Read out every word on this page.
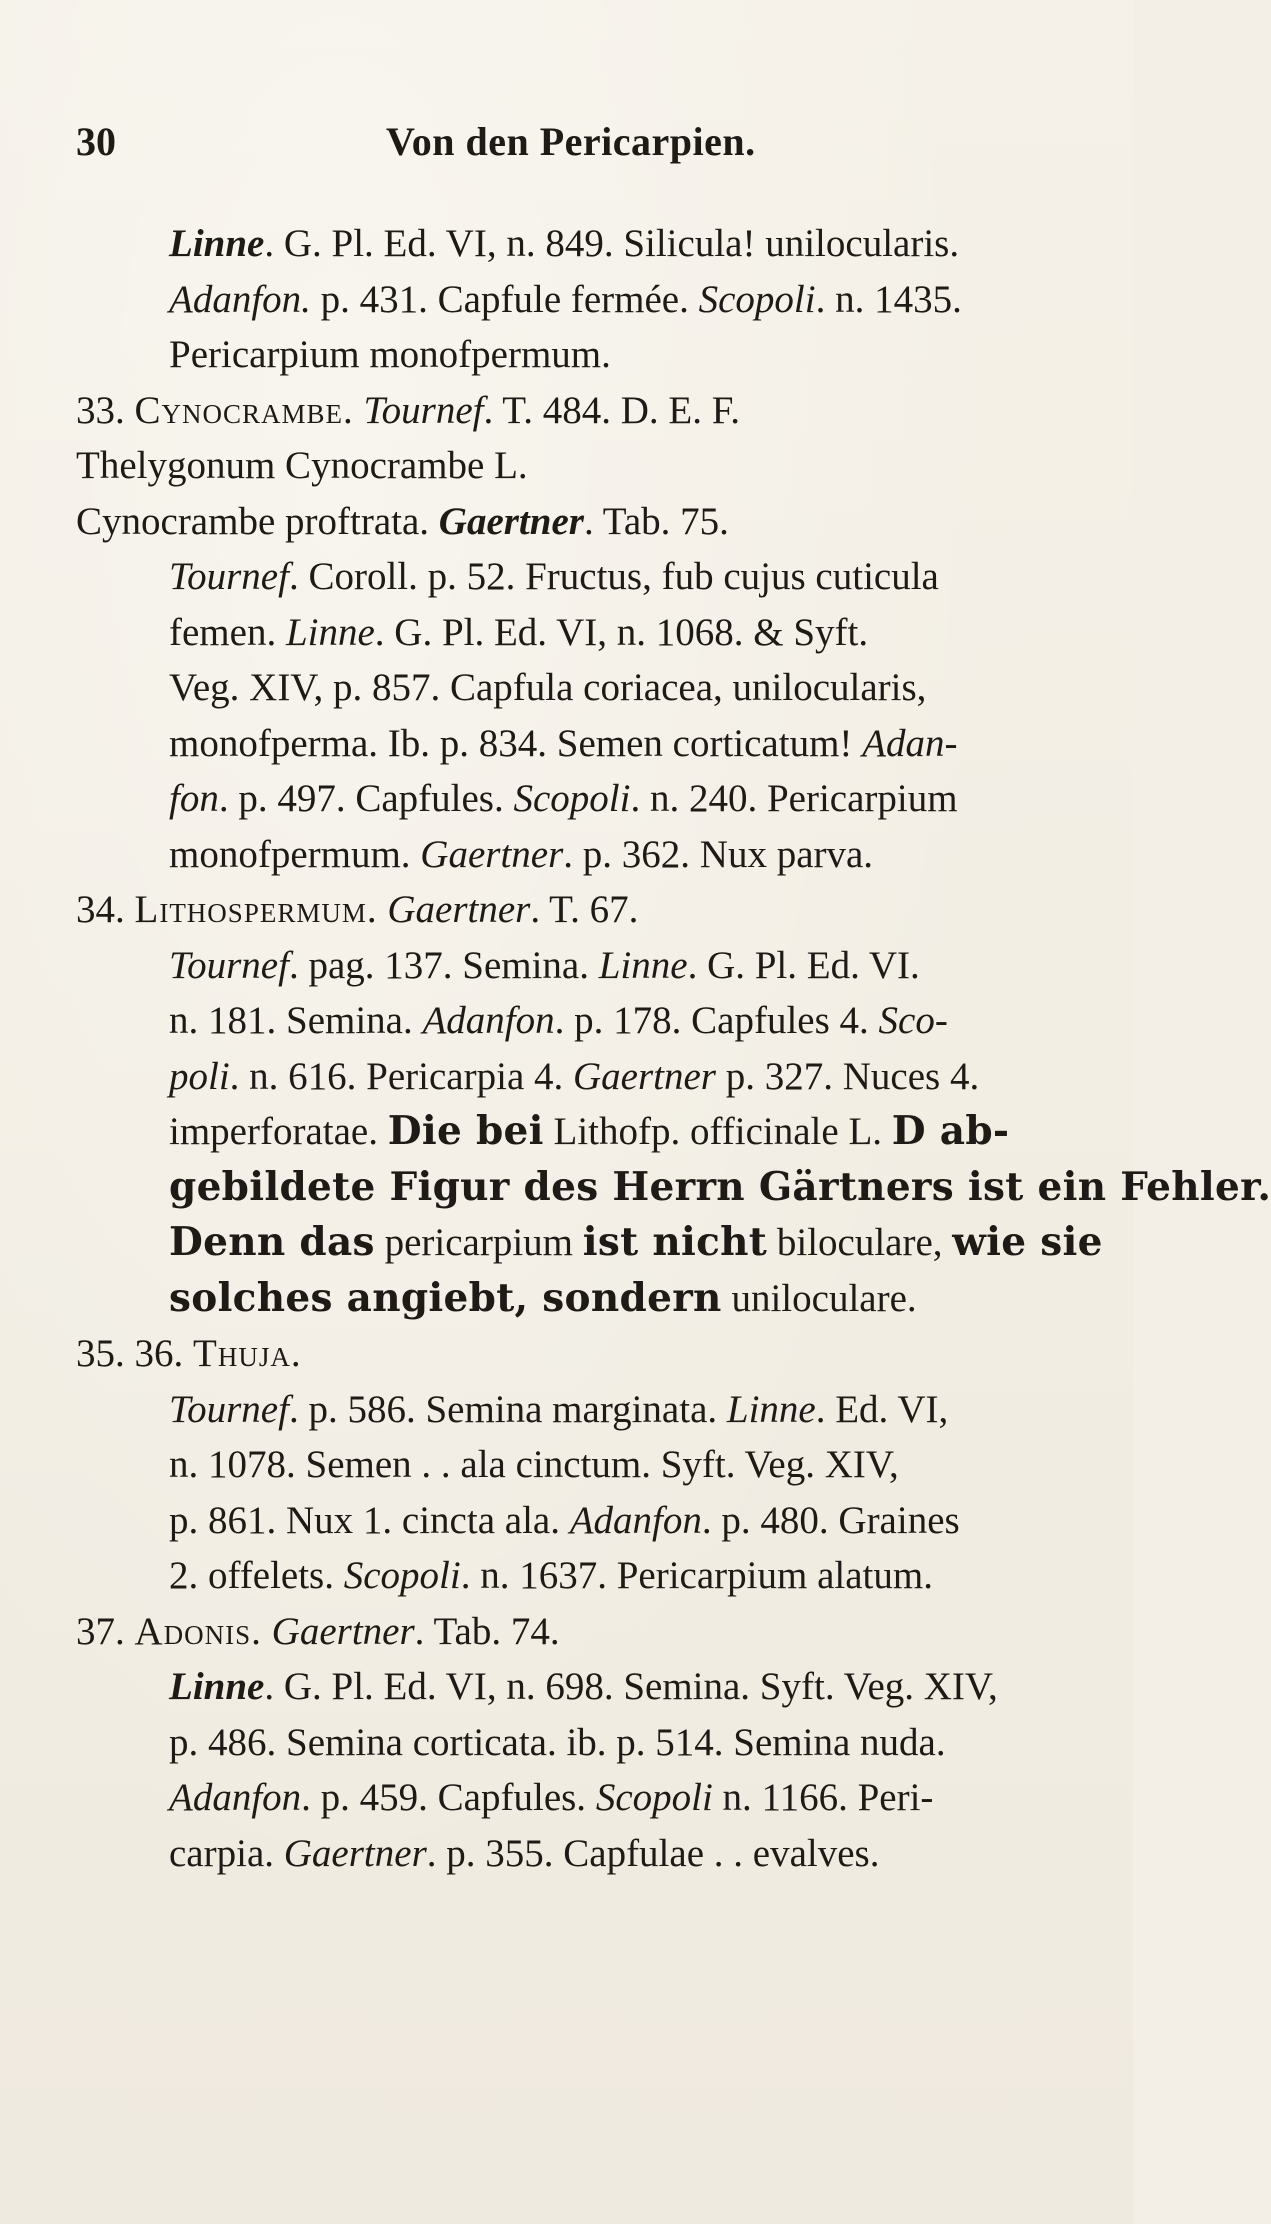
30	Von den Pericarpien.
Linne. G. Pl. Ed. VI, n. 849. Silicula! unilocularis.
Adanfon. p. 431. Capfule fermée. Scopoli. n. 1435.
Pericarpium monofpermum.
33. Cynocrambe. Tournef. T. 484. D. E. F.
Thelygonum Cynocrambe L.
Cynocrambe proftrata. Gaertner. Tab. 75.
Tournef. Coroll. p. 52. Fructus, fub cujus cuticula
femen. Linne. G. Pl. Ed. VI, n. 1068. & Syft.
Veg. XIV, p. 857. Capfula coriacea, unilocularis,
monofperma. Ib. p. 834. Semen corticatum! Adan-
fon. p. 497. Capfules. Scopoli. n. 240. Pericarpium
monofpermum. Gaertner. p. 362. Nux parva.
34. Lithospermum. Gaertner. T. 67.
Tournef. pag. 137. Semina. Linne. G. Pl. Ed. VI.
n. 181. Semina. Adanfon. p. 178. Capfules 4. Sco-
poli. n. 616. Pericarpia 4. Gaertner p. 327. Nuces 4.
imperforatae. Die bei Lithofp. officinale L. D ab-
gebildete Figur des Herrn Gärtners ist ein Fehler.
Denn das pericarpium ist nicht biloculare, wie sie
solches angiebt, sondern uniloculare.
35. 36. Thuja.
Tournef. p. 586. Semina marginata. Linne. Ed. VI,
n. 1078. Semen . . ala cinctum. Syft. Veg. XIV,
p. 861. Nux 1. cincta ala. Adanfon. p. 480. Graines
2. offelets. Scopoli. n. 1637. Pericarpium alatum.
37. Adonis. Gaertner. Tab. 74.
Linne. G. Pl. Ed. VI, n. 698. Semina. Syft. Veg. XIV,
p. 486. Semina corticata. ib. p. 514. Semina nuda.
Adanfon. p. 459. Capfules. Scopoli n. 1166. Peri-
carpia. Gaertner. p. 355. Capfulae . . evalves.
